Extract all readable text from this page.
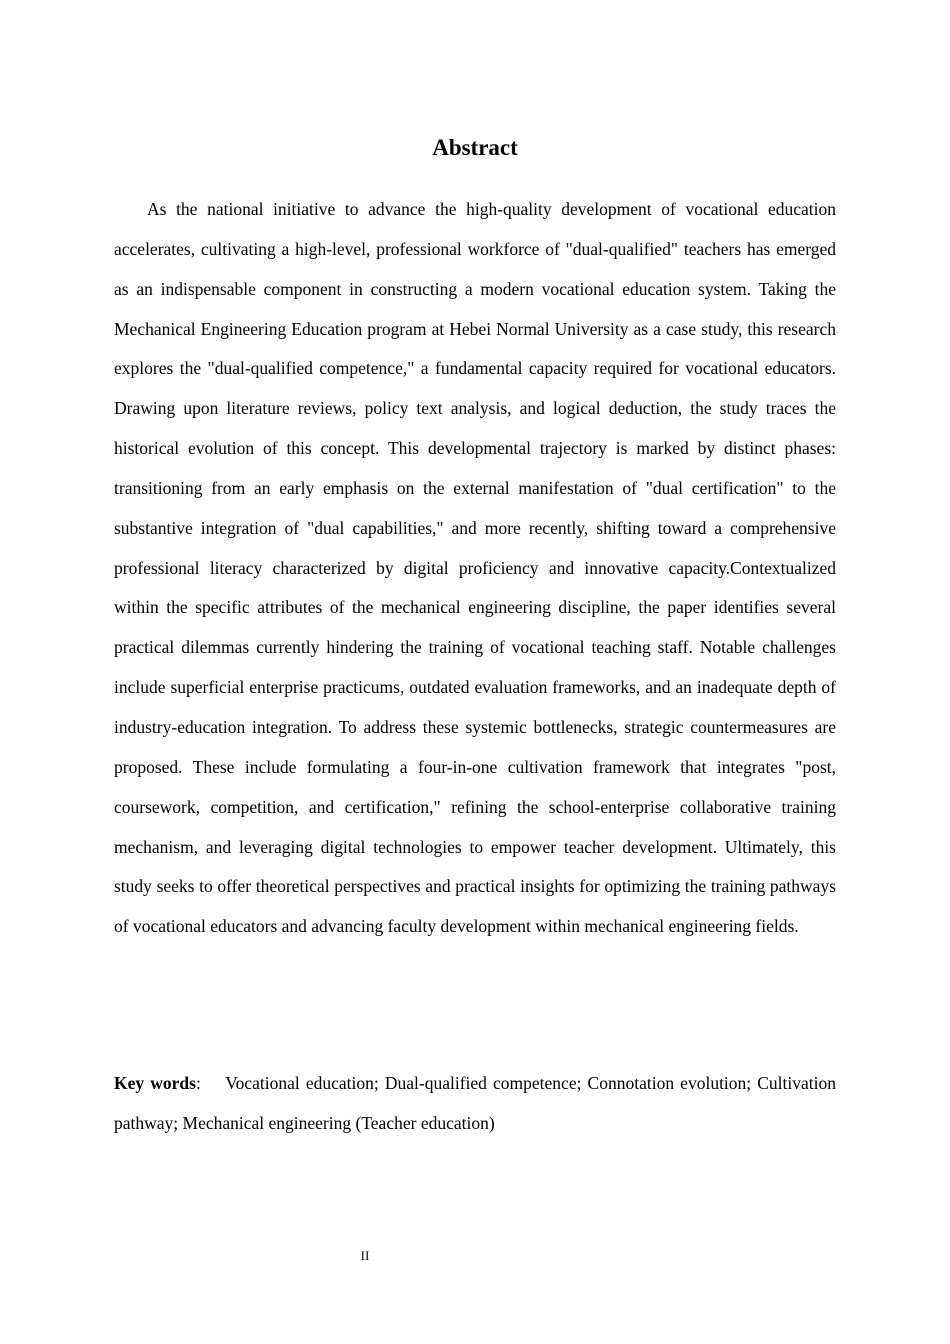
Abstract

As the national initiative to advance the high-quality development of vocational education accelerates, cultivating a high-level, professional workforce of "dual-qualified" teachers has emerged as an indispensable component in constructing a modern vocational education system. Taking the Mechanical Engineering Education program at Hebei Normal University as a case study, this research explores the "dual-qualified competence," a fundamental capacity required for vocational educators. Drawing upon literature reviews, policy text analysis, and logical deduction, the study traces the historical evolution of this concept. This developmental trajectory is marked by distinct phases: transitioning from an early emphasis on the external manifestation of "dual certification" to the substantive integration of "dual capabilities," and more recently, shifting toward a comprehensive professional literacy characterized by digital proficiency and innovative capacity.Contextualized within the specific attributes of the mechanical engineering discipline, the paper identifies several practical dilemmas currently hindering the training of vocational teaching staff. Notable challenges include superficial enterprise practicums, outdated evaluation frameworks, and an inadequate depth of industry-education integration. To address these systemic bottlenecks, strategic countermeasures are proposed. These include formulating a four-in-one cultivation framework that integrates "post, coursework, competition, and certification," refining the school-enterprise collaborative training mechanism, and leveraging digital technologies to empower teacher development. Ultimately, this study seeks to offer theoretical perspectives and practical insights for optimizing the training pathways of vocational educators and advancing faculty development within mechanical engineering fields.

Key words: Vocational education; Dual-qualified competence; Connotation evolution; Cultivation pathway; Mechanical engineering (Teacher education)

II
